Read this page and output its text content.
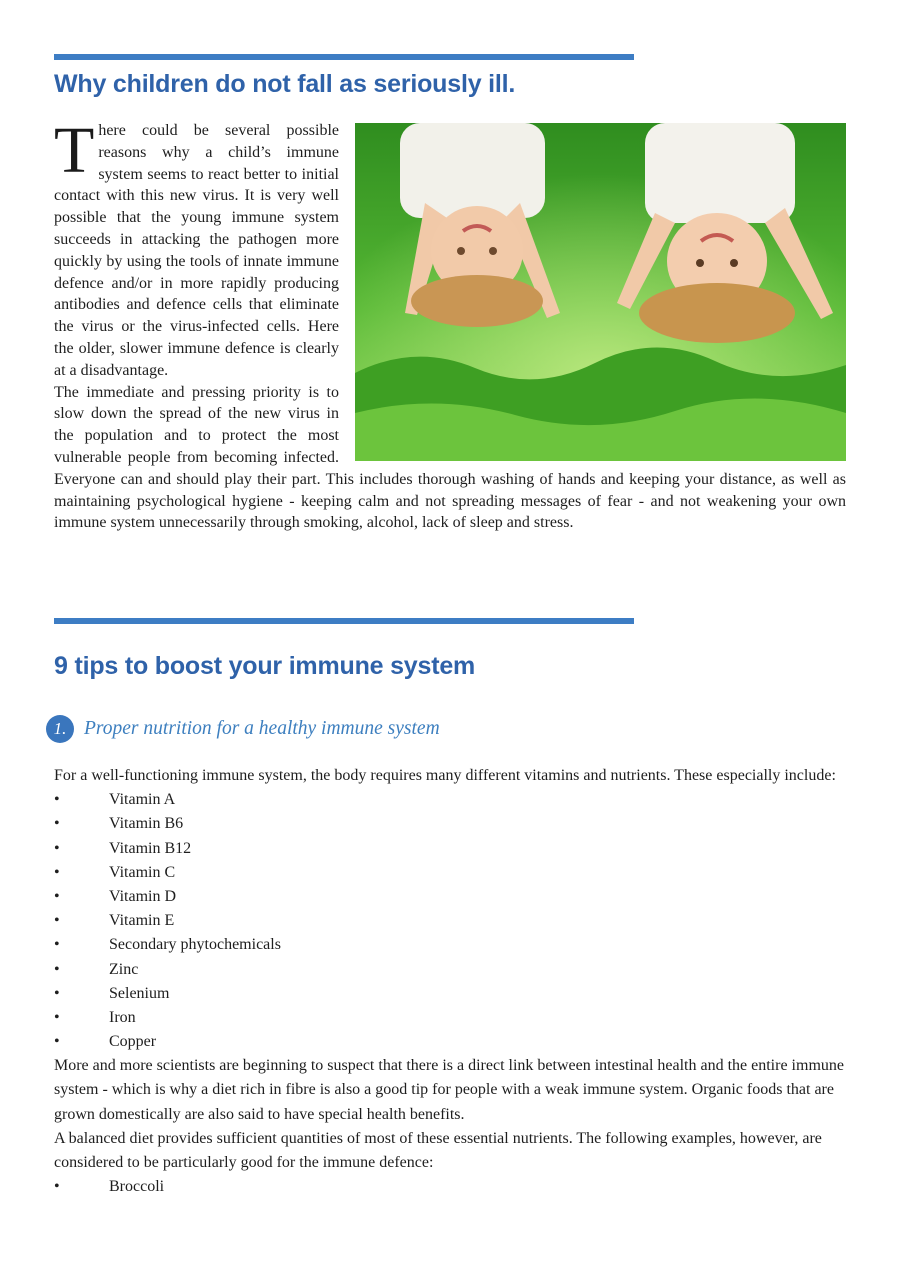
Why children do not fall as seriously ill.
T here could be several possible reasons why a child’s immune system seems to react better to initial contact with this new virus. It is very well possible that the young immune system succeeds in attacking the pathogen more quickly by using the tools of innate immune defence and/or in more rapidly producing antibodies and defence cells that eliminate the virus or the virus-infected cells. Here the older, slower immune defence is clearly at a disadvantage.

The immediate and pressing priority is to slow down the spread of the new virus in the population and to protect the most vulnerable people from becoming infected. Everyone can and should play their part. This includes thorough washing of hands and keeping your distance, as well as maintaining psychological hygiene - keeping calm and not spreading messages of fear - and not weakening your own immune system unnecessarily through smoking, alcohol, lack of sleep and stress.

9 tips to boost your immune system
1. Proper nutrition for a healthy immune system

For a well-functioning immune system, the body requires many different vitamins and nutrients. These especially include:

•	Vitamin A
•	Vitamin B6
•	Vitamin B12
•	Vitamin C
•	Vitamin D
•	Vitamin E
•	Secondary phytochemicals
•	Zinc
•	Selenium
•	Iron
•	Copper

More and more scientists are beginning to suspect that there is a direct link between intestinal health and the entire immune system - which is why a diet rich in fibre is also a good tip for people with a weak immune system. Organic foods that are grown domestically are also said to have special health benefits.

A balanced diet provides sufficient quantities of most of these essential nutrients. The following examples, however, are considered to be particularly good for the immune defence:

•	Broccoli
